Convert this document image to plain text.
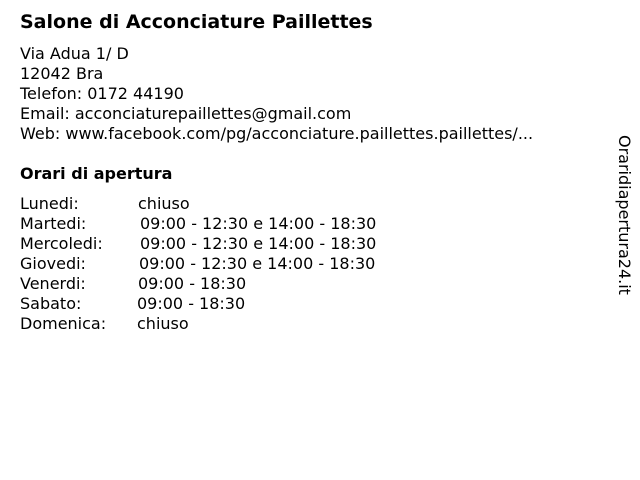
Salone di Acconciature Paillettes
Via Adua 1/ D
12042 Bra
Telefon: 0172 44190
Email: acconciaturepaillettes@gmail.com
Web: www.facebook.com/pg/acconciature.paillettes.paillettes/...
Orari di apertura
Lunedi:	chiuso
Martedi:	09:00 - 12:30 e 14:00 - 18:30
Mercoledi: 09:00 - 12:30 e 14:00 - 18:30
Giovedi:	09:00 - 12:30 e 14:00 - 18:30
Venerdi:	09:00 - 18:30
Sabato:	09:00 - 18:30
Domenica: chiuso
Oraridiapertura24.it
